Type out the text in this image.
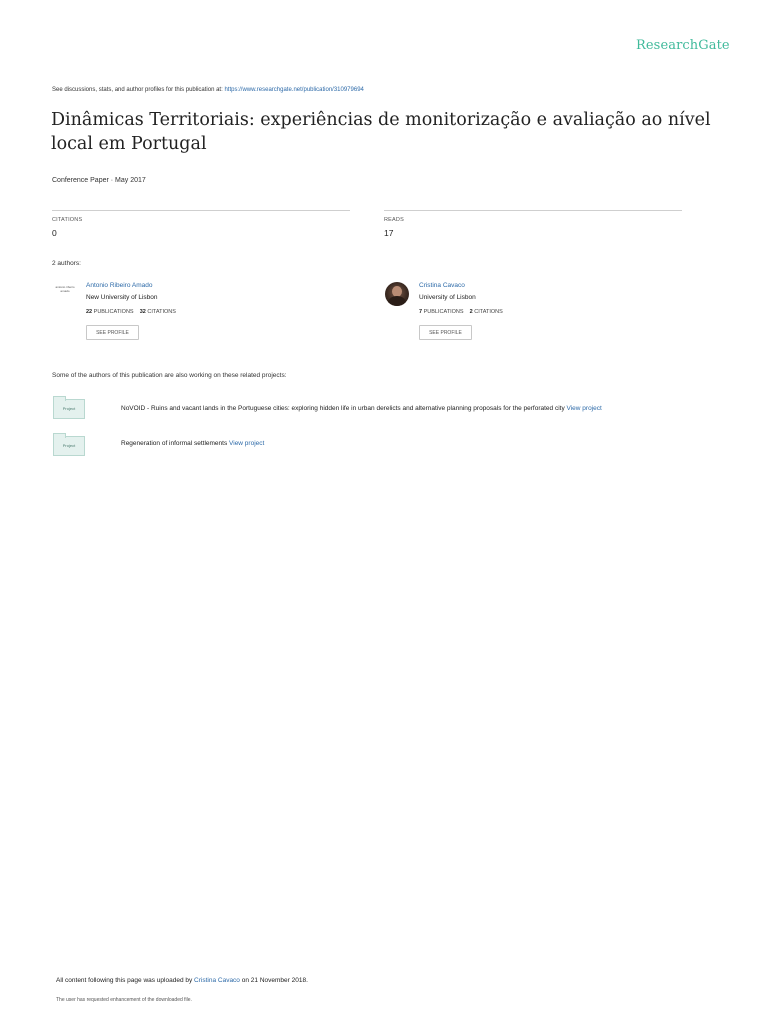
ResearchGate
See discussions, stats, and author profiles for this publication at: https://www.researchgate.net/publication/310979694
Dinâmicas Territoriais: experiências de monitorização e avaliação ao nível local em Portugal
Conference Paper · May 2017
CITATIONS
0
READS
17
2 authors:
antonio ribeiro amado
Antonio Ribeiro Amado
New University of Lisbon
22 PUBLICATIONS 32 CITATIONS
SEE PROFILE
Cristina Cavaco
University of Lisbon
7 PUBLICATIONS 2 CITATIONS
SEE PROFILE
Some of the authors of this publication are also working on these related projects:
Project	NoVOID - Ruins and vacant lands in the Portuguese cities: exploring hidden life in urban derelicts and alternative planning proposals for the perforated city View project
Project	Regeneration of informal settlements View project
All content following this page was uploaded by Cristina Cavaco on 21 November 2018.
The user has requested enhancement of the downloaded file.
